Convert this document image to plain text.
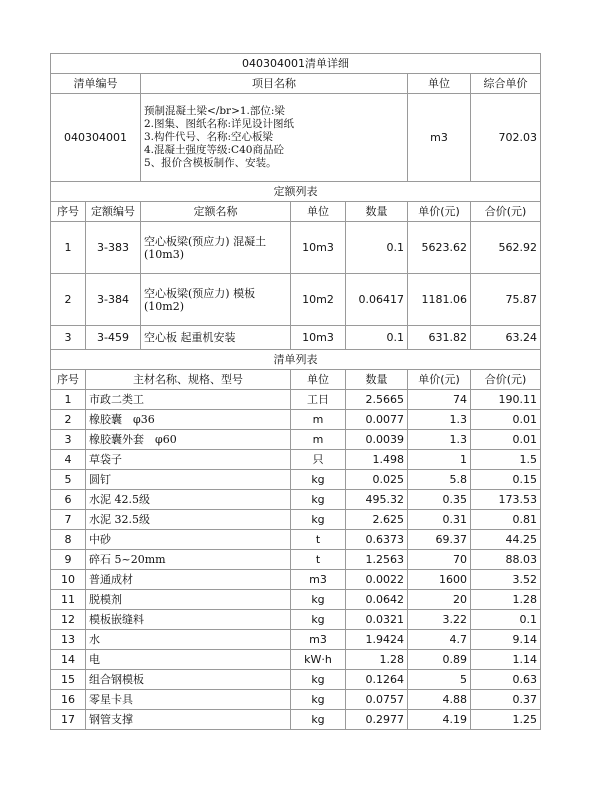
040304001清单详细						
清单编号		项目名称			单位	综合单价
040304001		预制混凝土梁</br>1.部位:梁
2.图集、图纸名称:详见设计图纸
3.构件代号、名称:空心板梁
4.混凝土强度等级:C40商品砼
5、报价含模板制作、安装。			m3	702.03
定额列表						
序号	定额编号	定额名称	单位	数量	单价(元)	合价(元)
1	3-383	空心板梁(预应力) 混凝土(10m3)	10m3	0.1	5623.62	562.92
2	3-384	空心板梁(预应力) 模板(10m2)	10m2	0.06417	1181.06	75.87
3	3-459	空心板 起重机安装	10m3	0.1	631.82	63.24
清单列表						
序号	主材名称、规格、型号		单位	数量	单价(元)	合价(元)
1	市政二类工		工日	2.5665	74	190.11
2	橡胶囊　φ36		m	0.0077	1.3	0.01
3	橡胶囊外套　φ60		m	0.0039	1.3	0.01
4	草袋子		只	1.498	1	1.5
5	圆钉		kg	0.025	5.8	0.15
6	水泥 42.5级		kg	495.32	0.35	173.53
7	水泥 32.5级		kg	2.625	0.31	0.81
8	中砂		t	0.6373	69.37	44.25
9	碎石 5~20mm		t	1.2563	70	88.03
10	普通成材		m3	0.0022	1600	3.52
11	脱模剂		kg	0.0642	20	1.28
12	模板嵌缝料		kg	0.0321	3.22	0.1
13	水		m3	1.9424	4.7	9.14
14	电		kW·h	1.28	0.89	1.14
15	组合钢模板		kg	0.1264	5	0.63
16	零星卡具		kg	0.0757	4.88	0.37
17	钢管支撑		kg	0.2977	4.19	1.25
